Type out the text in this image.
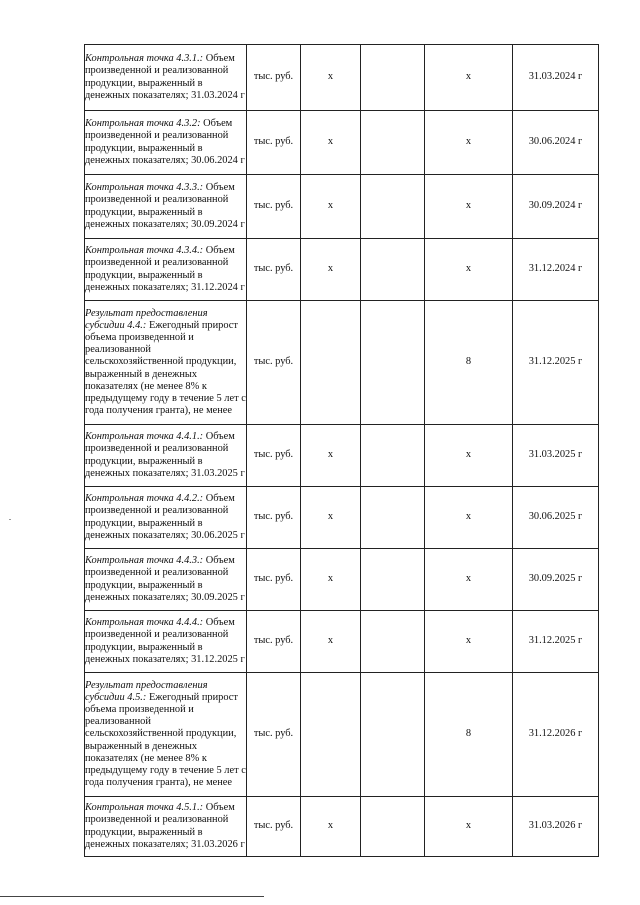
Контрольная точка 4.3.1.: Объем произведенной и реализованной продукции, выраженный в денежных показателях; 31.03.2024 г	тыс. руб.	x		x	31.03.2024 г
Контрольная точка 4.3.2: Объем произведенной и реализованной продукции, выраженный в денежных показателях; 30.06.2024 г	тыс. руб.	x		x	30.06.2024 г
Контрольная точка 4.3.3.: Объем произведенной и реализованной продукции, выраженный в денежных показателях; 30.09.2024 г	тыс. руб.	x		x	30.09.2024 г
Контрольная точка 4.3.4.: Объем произведенной и реализованной продукции, выраженный в денежных показателях; 31.12.2024 г	тыс. руб.	x		x	31.12.2024 г
Результат предоставления субсидии 4.4.: Ежегодный прирост объема произведенной и реализованной сельскохозяйственной продукции, выраженный в денежных показателях (не менее 8% к предыдущему году в течение 5 лет с года получения гранта), не менее	тыс. руб.			8	31.12.2025 г
Контрольная точка 4.4.1.: Объем произведенной и реализованной продукции, выраженный в денежных показателях; 31.03.2025 г	тыс. руб.	x		x	31.03.2025 г
Контрольная точка 4.4.2.: Объем произведенной и реализованной продукции, выраженный в денежных показателях; 30.06.2025 г	тыс. руб.	x		x	30.06.2025 г
Контрольная точка 4.4.3.: Объем произведенной и реализованной продукции, выраженный в денежных показателях; 30.09.2025 г	тыс. руб.	x		x	30.09.2025 г
Контрольная точка 4.4.4.: Объем произведенной и реализованной продукции, выраженный в денежных показателях; 31.12.2025 г	тыс. руб.	x		x	31.12.2025 г
Результат предоставления субсидии 4.5.: Ежегодный прирост объема произведенной и реализованной сельскохозяйственной продукции, выраженный в денежных показателях (не менее 8% к предыдущему году в течение 5 лет с года получения гранта), не менее	тыс. руб.			8	31.12.2026 г
Контрольная точка 4.5.1.: Объем произведенной и реализованной продукции, выраженный в денежных показателях; 31.03.2026 г	тыс. руб.	x		x	31.03.2026 г
